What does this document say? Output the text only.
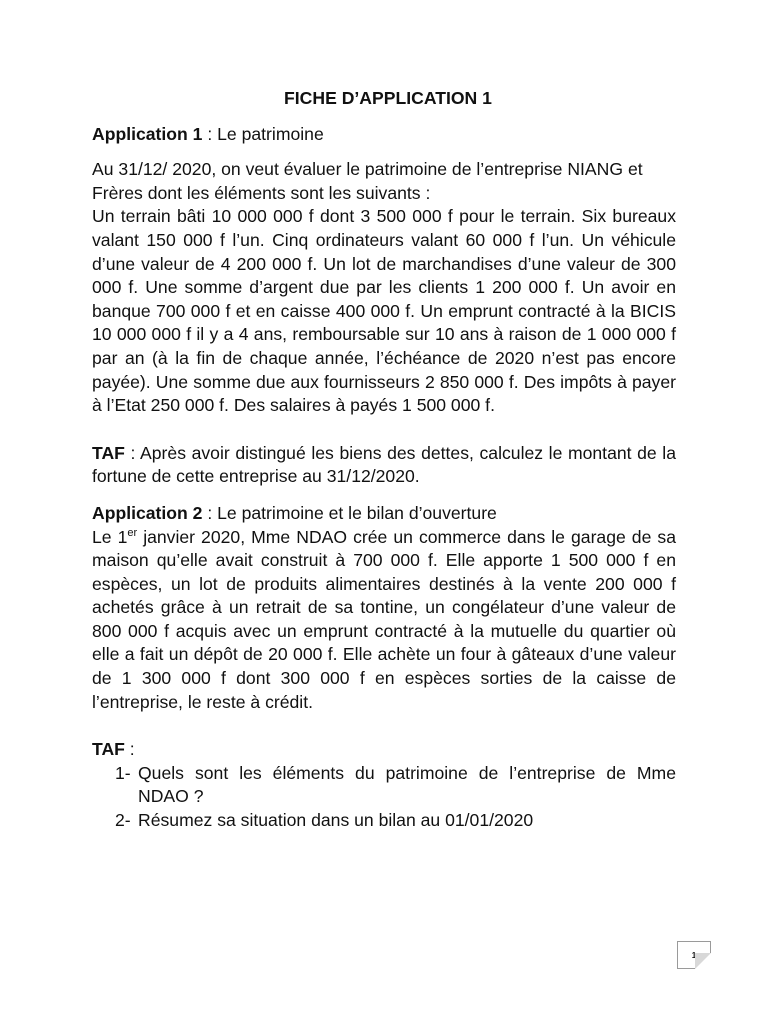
FICHE D’APPLICATION 1

Application 1 : Le patrimoine

Au 31/12/ 2020, on veut évaluer le patrimoine de l’entreprise NIANG et Frères dont les éléments sont les suivants :

Un terrain bâti 10 000 000 f dont 3 500 000 f pour le terrain. Six bureaux valant 150 000 f l’un. Cinq ordinateurs valant 60 000 f l’un. Un véhicule d’une valeur de 4 200 000 f. Un lot de marchandises d’une valeur de 300 000 f. Une somme d’argent due par les clients 1 200 000 f. Un avoir en banque 700 000 f et en caisse 400 000 f. Un emprunt contracté à la BICIS 10 000 000 f il y a 4 ans, remboursable sur 10 ans à raison de 1 000 000 f par an (à la fin de chaque année, l’échéance de 2020 n’est pas encore payée). Une somme due aux fournisseurs 2 850 000 f. Des impôts à payer à l’Etat 250 000 f. Des salaires à payés 1 500 000 f.

TAF : Après avoir distingué les biens des dettes, calculez le montant de la fortune de cette entreprise au 31/12/2020.

Application 2 : Le patrimoine et le bilan d’ouverture

Le 1er janvier 2020, Mme NDAO crée un commerce dans le garage de sa maison qu’elle avait construit à 700 000 f. Elle apporte 1 500 000 f en espèces, un lot de produits alimentaires destinés à la vente 200 000 f achetés grâce à un retrait de sa tontine, un congélateur d’une valeur de 800 000 f acquis avec un emprunt contracté à la mutuelle du quartier où elle a fait un dépôt de 20 000 f. Elle achète un four à gâteaux d’une valeur de 1 300 000 f dont 300 000 f en espèces sorties de la caisse de l’entreprise, le reste à crédit.

TAF :

1- Quels sont les éléments du patrimoine de l’entreprise de Mme NDAO ?
2- Résumez sa situation dans un bilan au 01/01/2020
1
